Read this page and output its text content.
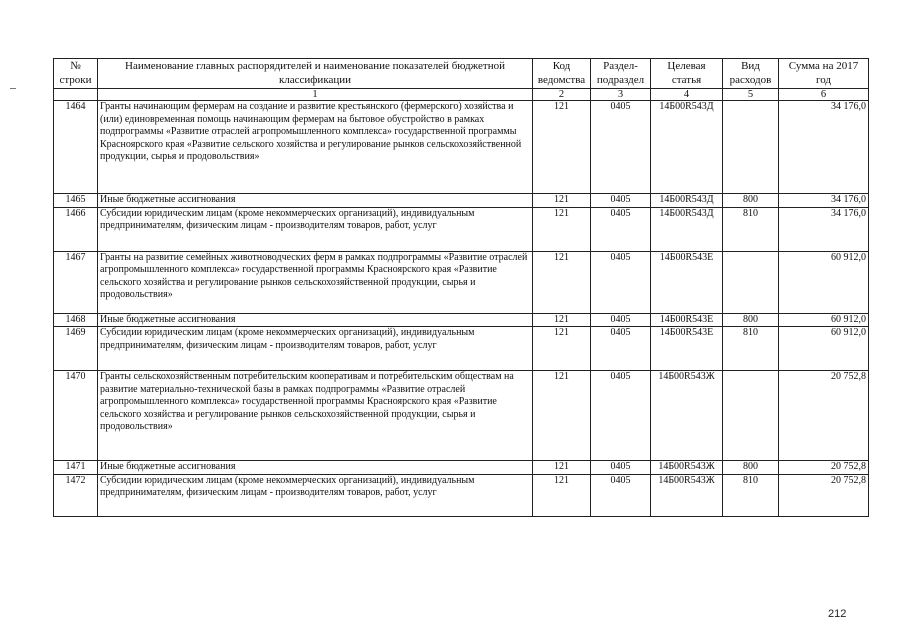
№ строки	Наименование главных распорядителей и наименование показателей бюджетной классификации	Код ведомства	Раздел- подраздел	Целевая статья	Вид расходов	Сумма на 2017 год
	1	2	3	4	5	6
1464	Гранты начинающим фермерам на создание и развитие крестьянского (фермерского) хозяйства и (или) единовременная помощь начинающим фермерам на бытовое обустройство в рамках подпрограммы «Развитие отраслей агропромышленного комплекса» государственной программы Красноярского края «Развитие сельского хозяйства и регулирование рынков сельскохозяйственной продукции, сырья и продовольствия»	121	0405	14Б00R543Д		34 176,0
1465	Иные бюджетные ассигнования	121	0405	14Б00R543Д	800	34 176,0
1466	Субсидии юридическим лицам (кроме некоммерческих организаций), индивидуальным предпринимателям, физическим лицам - производителям товаров, работ, услуг	121	0405	14Б00R543Д	810	34 176,0
1467	Гранты на развитие семейных животноводческих ферм в рамках подпрограммы «Развитие отраслей агропромышленного комплекса» государственной программы Красноярского края «Развитие сельского хозяйства и регулирование рынков сельскохозяйственной продукции, сырья и продовольствия»	121	0405	14Б00R543Е		60 912,0
1468	Иные бюджетные ассигнования	121	0405	14Б00R543Е	800	60 912,0
1469	Субсидии юридическим лицам (кроме некоммерческих организаций), индивидуальным предпринимателям, физическим лицам - производителям товаров, работ, услуг	121	0405	14Б00R543Е	810	60 912,0
1470	Гранты сельскохозяйственным потребительским кооперативам и потребительским обществам на развитие материально-технической базы в рамках подпрограммы «Развитие отраслей агропромышленного комплекса» государственной программы Красноярского края «Развитие сельского хозяйства и регулирование рынков сельскохозяйственной продукции, сырья и продовольствия»	121	0405	14Б00R543Ж		20 752,8
1471	Иные бюджетные ассигнования	121	0405	14Б00R543Ж	800	20 752,8
1472	Субсидии юридическим лицам (кроме некоммерческих организаций), индивидуальным предпринимателям, физическим лицам - производителям товаров, работ, услуг	121	0405	14Б00R543Ж	810	20 752,8
212
